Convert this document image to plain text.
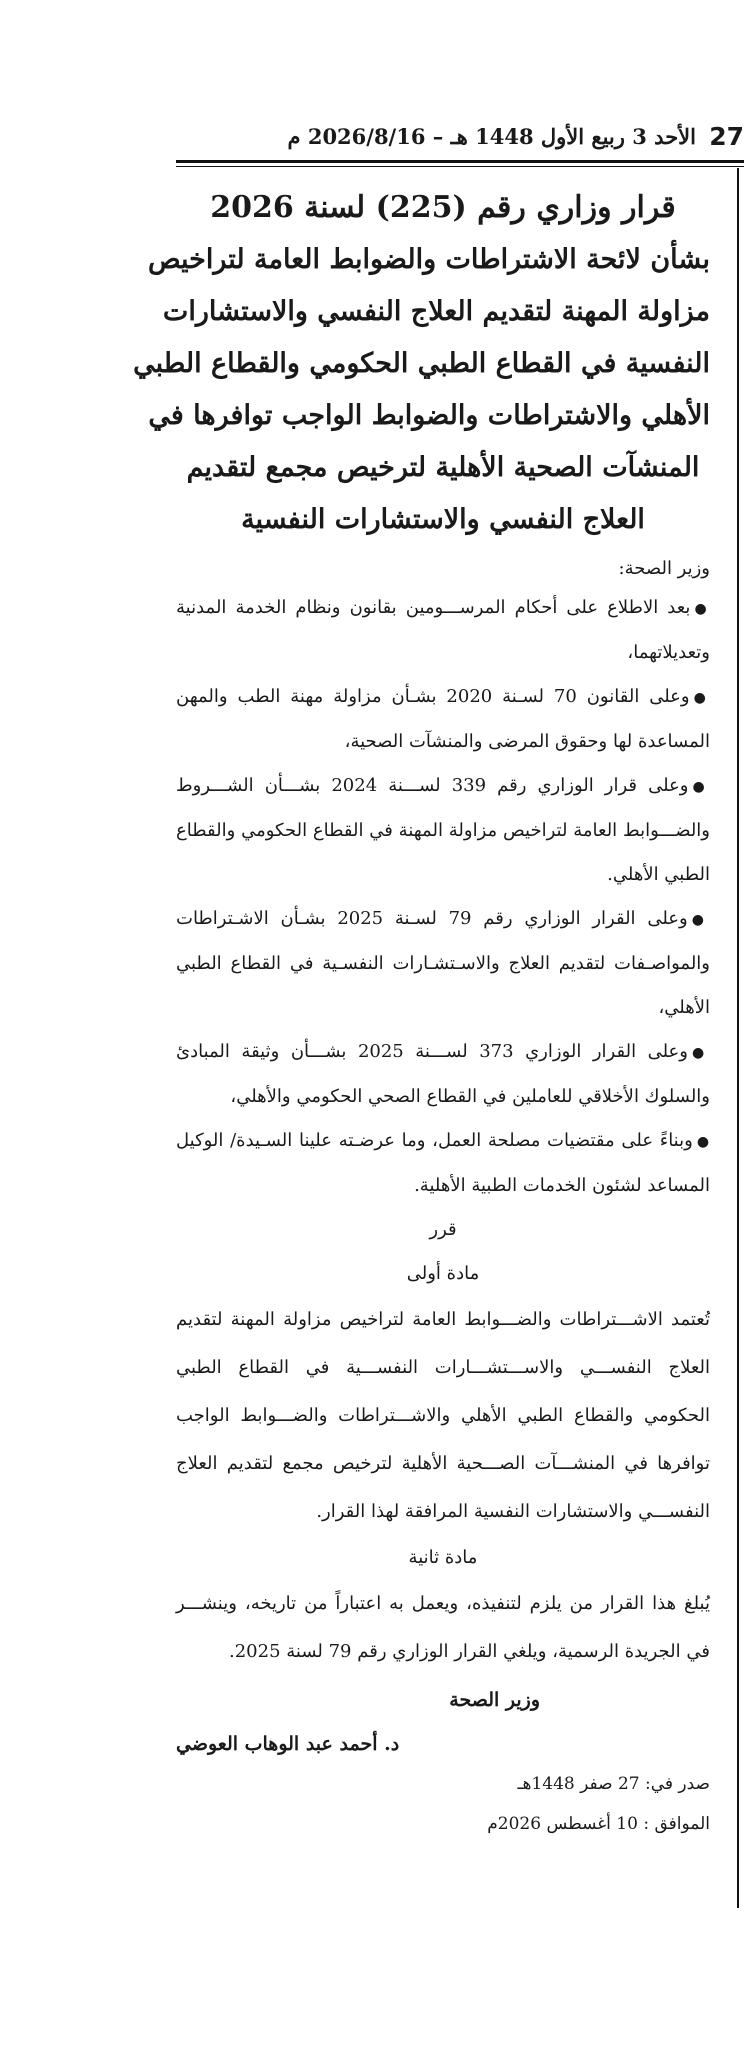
27
الأحد 3 ربيع الأول 1448 هـ – 2026/8/16 م
قرار وزاري رقم (225) لسنة 2026
بشأن لائحة الاشتراطات والضوابط العامة لتراخيص
مزاولة المهنة لتقديم العلاج النفسي والاستشارات
النفسية في القطاع الطبي الحكومي والقطاع الطبي
الأهلي والاشتراطات والضوابط الواجب توافرها في
المنشآت الصحية الأهلية لترخيص مجمع لتقديم
العلاج النفسي والاستشارات النفسية
وزير الصحة:

●بعد الاطلاع على أحكام المرســـومين بقانون ونظام الخدمة المدنية وتعديلاتهما،

●وعلى القانون 70 لسـنة 2020 بشـأن مزاولة مهنة الطب والمهن المساعدة لها وحقوق المرضى والمنشآت الصحية،

●وعلى قرار الوزاري رقم 339 لســـنة 2024 بشـــأن الشـــروط والضـــوابط العامة لتراخيص مزاولة المهنة في القطاع الحكومي والقطاع الطبي الأهلي.

●وعلى القرار الوزاري رقم 79 لسـنة 2025 بشـأن الاشـتراطات والمواصـفات لتقديم العلاج والاسـتشـارات النفسـية في القطاع الطبي الأهلي،

●وعلى القرار الوزاري 373 لســـنة 2025 بشـــأن وثيقة المبادئ والسلوك الأخلاقي للعاملين في القطاع الصحي الحكومي والأهلي،

●وبناءً على مقتضيات مصلحة العمل، وما عرضـته علينا السـيدة/ الوكيل المساعد لشئون الخدمات الطبية الأهلية.

قرر
مادة أولى

تُعتمد الاشـــتراطات والضـــوابط العامة لتراخيص مزاولة المهنة لتقديم العلاج النفســـي والاســـتشـــارات النفســـية في القطاع الطبي الحكومي والقطاع الطبي الأهلي والاشـــتراطات والضـــوابط الواجب توافرها في المنشـــآت الصـــحية الأهلية لترخيص مجمع لتقديم العلاج النفســـي والاستشارات النفسية المرافقة لهذا القرار.

مادة ثانية

يُبلغ هذا القرار من يلزم لتنفيذه، ويعمل به اعتباراً من تاريخه، وينشـــر في الجريدة الرسمية، ويلغي القرار الوزاري رقم 79 لسنة 2025.

وزير الصحة
د. أحمد عبد الوهاب العوضي
صدر في: 27 صفر 1448هـ
الموافق : 10 أغسطس 2026م
